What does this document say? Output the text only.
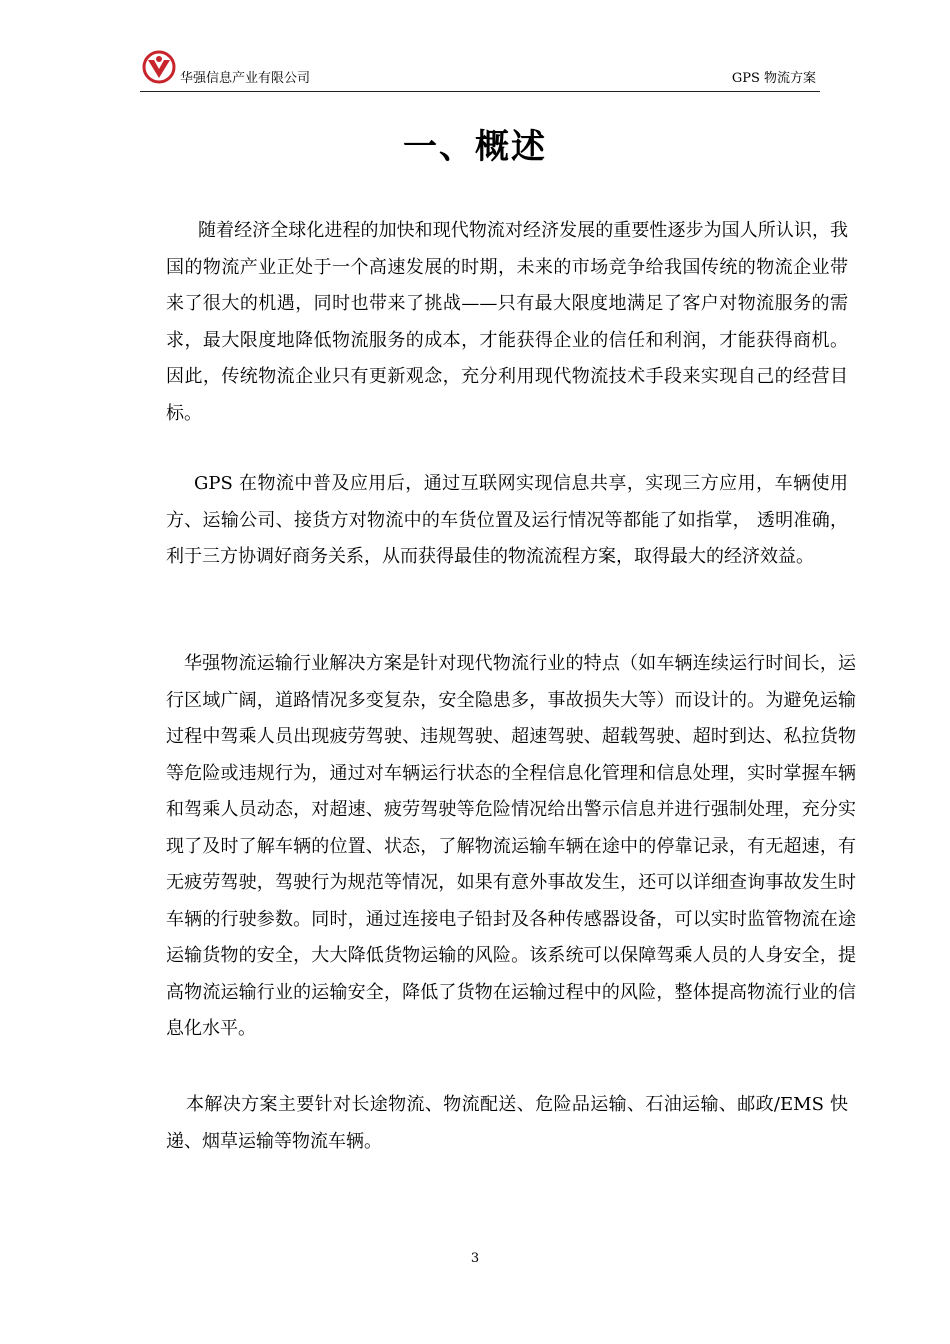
华强信息产业有限公司	GPS 物流方案
一、概述

随着经济全球化进程的加快和现代物流对经济发展的重要性逐步为国人所认识，我国的物流产业正处于一个高速发展的时期，未来的市场竞争给我国传统的物流企业带来了很大的机遇，同时也带来了挑战——只有最大限度地满足了客户对物流服务的需求，最大限度地降低物流服务的成本，才能获得企业的信任和利润，才能获得商机。因此，传统物流企业只有更新观念，充分利用现代物流技术手段来实现自己的经营目标。

GPS 在物流中普及应用后，通过互联网实现信息共享，实现三方应用，车辆使用方、运输公司、接货方对物流中的车货位置及运行情况等都能了如指掌， 透明准确，利于三方协调好商务关系，从而获得最佳的物流流程方案，取得最大的经济效益。

华强物流运输行业解决方案是针对现代物流行业的特点（如车辆连续运行时间长，运行区域广阔，道路情况多变复杂，安全隐患多，事故损失大等）而设计的。为避免运输过程中驾乘人员出现疲劳驾驶、违规驾驶、超速驾驶、超载驾驶、超时到达、私拉货物等危险或违规行为，通过对车辆运行状态的全程信息化管理和信息处理，实时掌握车辆和驾乘人员动态，对超速、疲劳驾驶等危险情况给出警示信息并进行强制处理，充分实现了及时了解车辆的位置、状态，了解物流运输车辆在途中的停靠记录，有无超速，有无疲劳驾驶，驾驶行为规范等情况，如果有意外事故发生，还可以详细查询事故发生时车辆的行驶参数。同时，通过连接电子铅封及各种传感器设备，可以实时监管物流在途运输货物的安全，大大降低货物运输的风险。该系统可以保障驾乘人员的人身安全，提高物流运输行业的运输安全，降低了货物在运输过程中的风险，整体提高物流行业的信息化水平。

本解决方案主要针对长途物流、物流配送、危险品运输、石油运输、邮政/EMS 快递、烟草运输等物流车辆。

3
